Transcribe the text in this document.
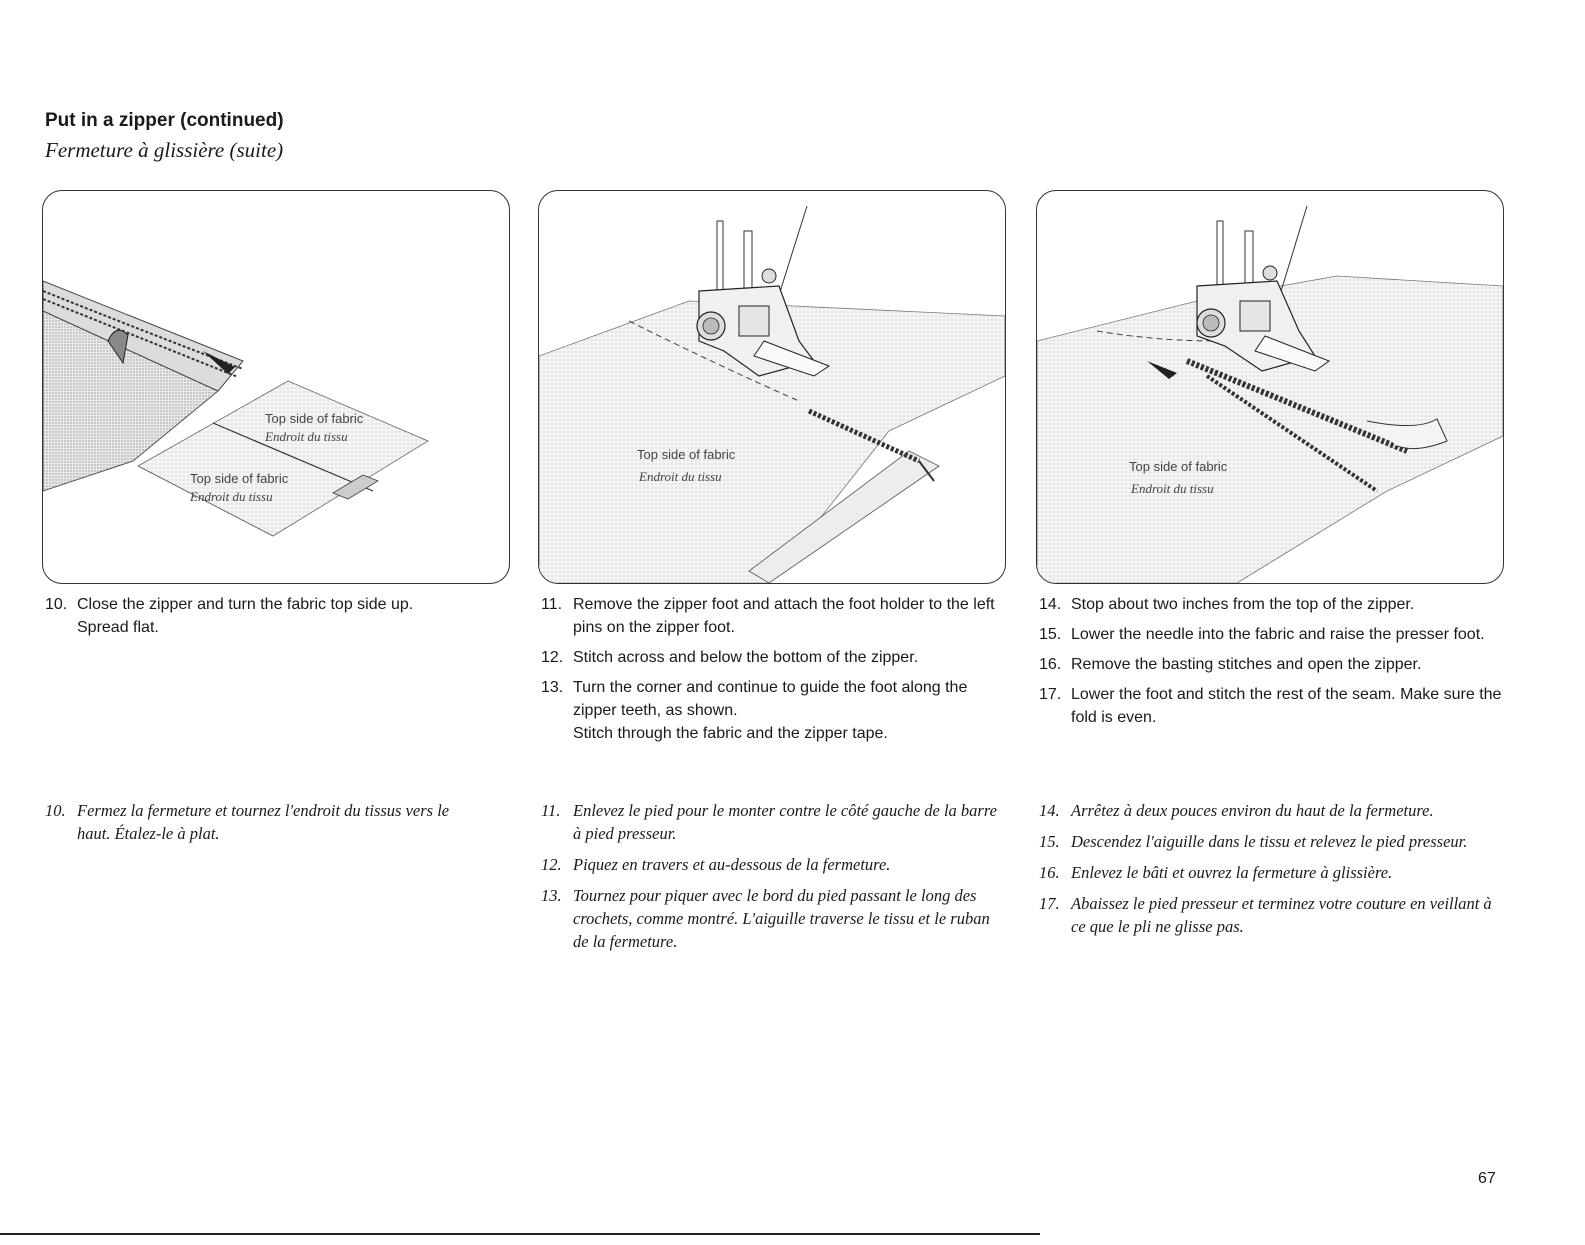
Put in a zipper (continued)
Fermeture à glissière (suite)
Top side of fabric
Endroit du tissu
Top side of fabric
Endroit du tissu
Top side of fabric
Endroit du tissu
Top side of fabric
Endroit du tissu
10. Close the zipper and turn the fabric top side up.
Spread flat.
11. Remove the zipper foot and attach the foot holder to the left pins on the zipper foot.
12. Stitch across and below the bottom of the zipper.
13. Turn the corner and continue to guide the foot along the zipper teeth, as shown.
Stitch through the fabric and the zipper tape.
14. Stop about two inches from the top of the zipper.
15. Lower the needle into the fabric and raise the presser foot.
16. Remove the basting stitches and open the zipper.
17. Lower the foot and stitch the rest of the seam. Make sure the fold is even.
10. Fermez la fermeture et tournez l'endroit du tissus vers le haut. Étalez-le à plat.
11. Enlevez le pied pour le monter contre le côté gauche de la barre à pied presseur.
12. Piquez en travers et au-dessous de la fermeture.
13. Tournez pour piquer avec le bord du pied passant le long des crochets, comme montré. L'aiguille traverse le tissu et le ruban de la fermeture.
14. Arrêtez à deux pouces environ du haut de la fermeture.
15. Descendez l'aiguille dans le tissu et relevez le pied presseur.
16. Enlevez le bâti et ouvrez la fermeture à glissière.
17. Abaissez le pied presseur et terminez votre couture en veillant à ce que le pli ne glisse pas.
67
